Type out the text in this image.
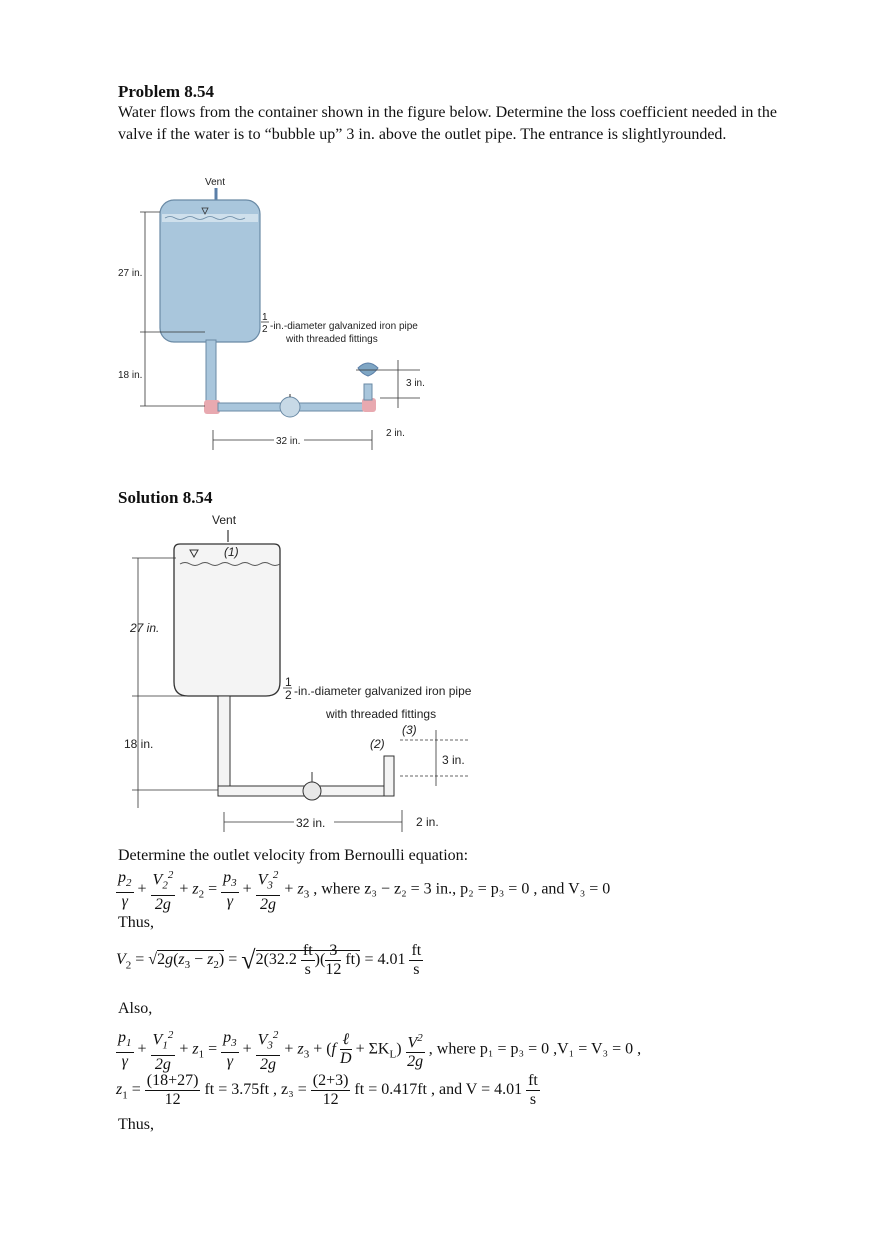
Problem 8.54
Water flows from the container shown in the figure below. Determine the loss coefficient needed in the valve if the water is to “bubble up” 3 in. above the outlet pipe. The entrance is slightlyrounded.
Vent
27 in.
18 in.
1
2 -in.-diameter galvanized iron pipe
with threaded fittings
3 in.
2 in.
32 in.
Solution 8.54
Vent
(1)
(2)
(3)
27 in.
18 in.
1
2 -in.-diameter galvanized iron pipe
with threaded fittings
3 in.
2 in.
32 in.
Determine the outlet velocity from Bernoulli equation:
$\frac{p_2}{\gamma} + \frac{V_2^2}{2g} + z_2 = \frac{p_3}{\gamma} + \frac{V_3^2}{2g} + z_3$ , where z₃ − z₂ = 3 in., p₂ = p₃ = 0 , and V₃ = 0
Thus,
$V_2 = √2g(z_3 - z_2) = √2(32.2 \frac{ft}{s}$ )( $\frac{3}{12} ft) = 4.01 \frac{ft}{s}$
Also,
$\frac{p_1}{\gamma} + \frac{V_1^2}{2g} + z_1 = \frac{p_3}{\gamma} + \frac{V_3^2}{2g} + z_3 + (f \frac{\text{ℓ}}{D} + \Sigma K_L) \frac{V^2}{2g}$ , where p₁ = p₃ = 0 ,V₁ = V₃ = 0 ,
$z_1 = \frac{(18+27)}{12}$ ft = 3.75ft , $z_3 = \frac{(2+3)}{12}$ ft = 0.417ft , and $V = 4.01 \frac{ft}{s}$
Thus,
